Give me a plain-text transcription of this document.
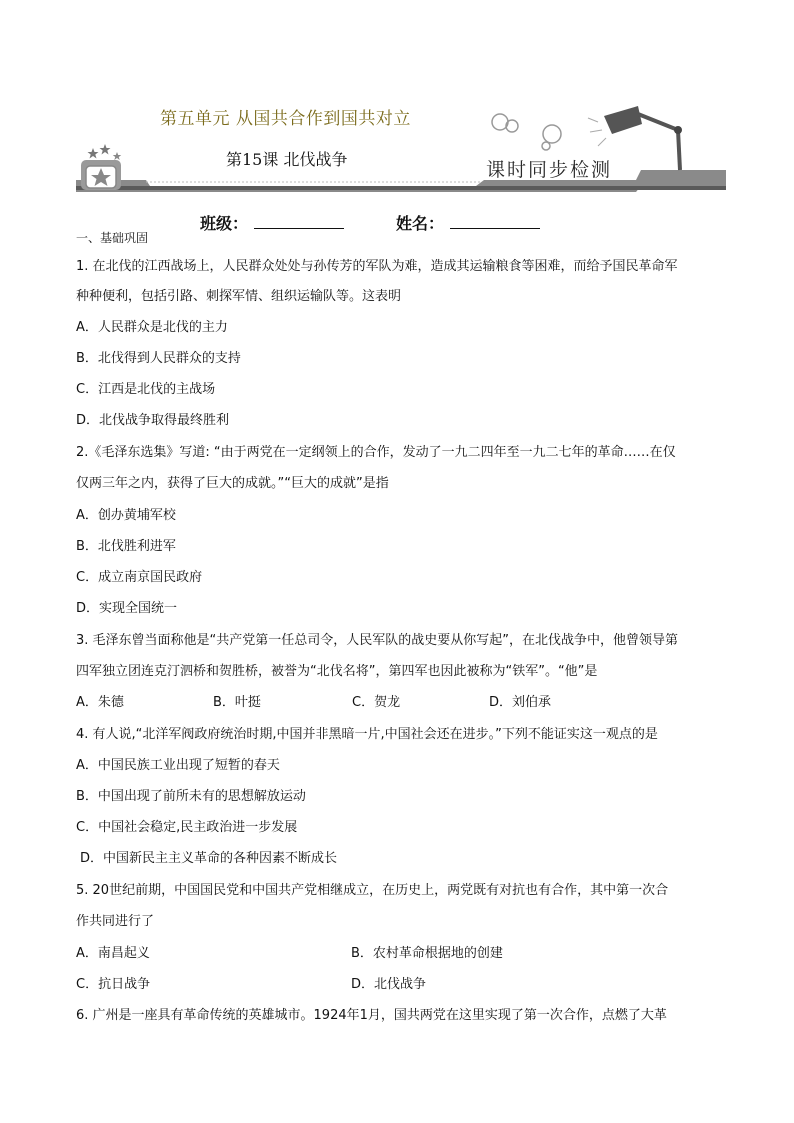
第五单元 从国共合作到国共对立
第15课 北伐战争	课时同步检测
班级：	姓名：
一、基础巩固
1. 在北伐的江西战场上，人民群众处处与孙传芳的军队为难，造成其运输粮食等困难，而给予国民革命军
种种便利，包括引路、刺探军情、组织运输队等。这表明
A．人民群众是北伐的主力
B．北伐得到人民群众的支持
C．江西是北伐的主战场
D．北伐战争取得最终胜利
2.《毛泽东选集》写道: “由于两党在一定纲领上的合作，发动了一九二四年至一九二七年的革命……在仅
仅两三年之内，获得了巨大的成就。”“巨大的成就”是指
A．创办黄埔军校
B．北伐胜利进军
C．成立南京国民政府
D．实现全国统一
3. 毛泽东曾当面称他是“共产党第一任总司令，人民军队的战史要从你写起”，在北伐战争中，他曾领导第
四军独立团连克汀泗桥和贺胜桥，被誉为“北伐名将”，第四军也因此被称为“铁军”。“他”是
A．朱德	B．叶挺	C．贺龙	D．刘伯承
4. 有人说,“北洋军阀政府统治时期,中国并非黑暗一片,中国社会还在进步。”下列不能证实这一观点的是
A．中国民族工业出现了短暂的春天
B．中国出现了前所未有的思想解放运动
C．中国社会稳定,民主政治进一步发展
D．中国新民主主义革命的各种因素不断成长
5. 20世纪前期，中国国民党和中国共产党相继成立，在历史上，两党既有对抗也有合作，其中第一次合
作共同进行了
A．南昌起义	B．农村革命根据地的创建
C．抗日战争	D．北伐战争
6. 广州是一座具有革命传统的英雄城市。1924年1月，国共两党在这里实现了第一次合作，点燃了大革
